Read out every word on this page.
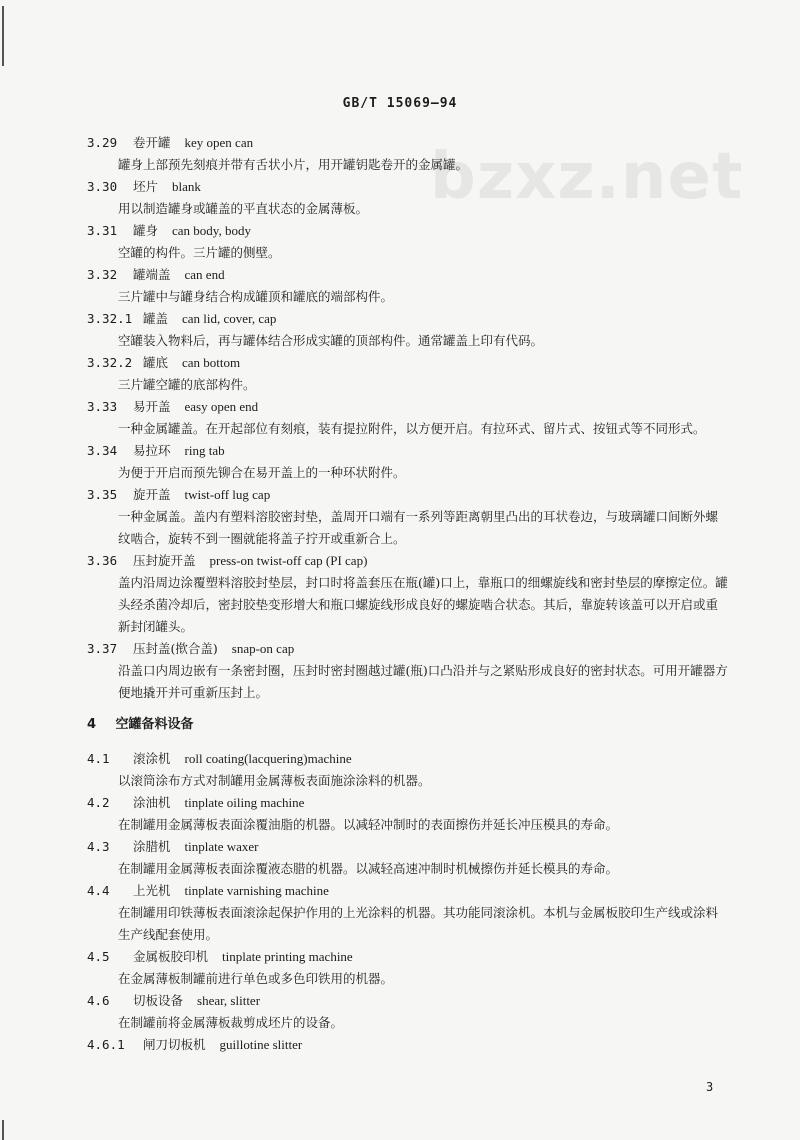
bzxz.net
GB/T 15069—94
3.29	卷开罐 key open can
罐身上部预先刻痕并带有舌状小片，用开罐钥匙卷开的金属罐。
3.30	坯片 blank
用以制造罐身或罐盖的平直状态的金属薄板。
3.31	罐身 can body, body
空罐的构件。三片罐的侧壁。
3.32	罐端盖 can end
三片罐中与罐身结合构成罐顶和罐底的端部构件。
3.32.1 罐盖 can lid, cover, cap
空罐装入物料后，再与罐体结合形成实罐的顶部构件。通常罐盖上印有代码。
3.32.2 罐底 can bottom
三片罐空罐的底部构件。
3.33	易开盖 easy open end
一种金属罐盖。在开起部位有刻痕，装有提拉附件，以方便开启。有拉环式、留片式、按钮式等不同形式。
3.34	易拉环 ring tab
为便于开启而预先铆合在易开盖上的一种环状附件。
3.35	旋开盖 twist-off lug cap
一种金属盖。盖内有塑料溶胶密封垫，盖周开口端有一系列等距离朝里凸出的耳状卷边，与玻璃罐口间断外螺纹啮合，旋转不到一圈就能将盖子拧开或重新合上。
3.36	压封旋开盖 press-on twist-off cap (PI cap)
盖内沿周边涂覆塑料溶胶封垫层，封口时将盖套压在瓶(罐)口上，靠瓶口的细螺旋线和密封垫层的摩擦定位。罐头经杀菌冷却后，密封胶垫变形增大和瓶口螺旋线形成良好的螺旋啮合状态。其后，靠旋转该盖可以开启或重新封闭罐头。
3.37	压封盖(揿合盖) snap-on cap
沿盖口内周边嵌有一条密封圈，压封时密封圈越过罐(瓶)口凸沿并与之紧贴形成良好的密封状态。可用开罐器方便地撬开并可重新压封上。
4 空罐备料设备
4.1	滚涂机 roll coating(lacquering)machine
以滚筒涂布方式对制罐用金属薄板表面施涂涂料的机器。
4.2	涂油机 tinplate oiling machine
在制罐用金属薄板表面涂覆油脂的机器。以减轻冲制时的表面擦伤并延长冲压模具的寿命。
4.3	涂腊机 tinplate waxer
在制罐用金属薄板表面涂覆液态腊的机器。以减轻高速冲制时机械擦伤并延长模具的寿命。
4.4	上光机 tinplate varnishing machine
在制罐用印铁薄板表面滚涂起保护作用的上光涂料的机器。其功能同滚涂机。本机与金属板胶印生产线或涂料生产线配套使用。
4.5	金属板胶印机 tinplate printing machine
在金属薄板制罐前进行单色或多色印铁用的机器。
4.6	切板设备 shear, slitter
在制罐前将金属薄板裁剪成坯片的设备。
4.6.1	闸刀切板机 guillotine slitter
3
